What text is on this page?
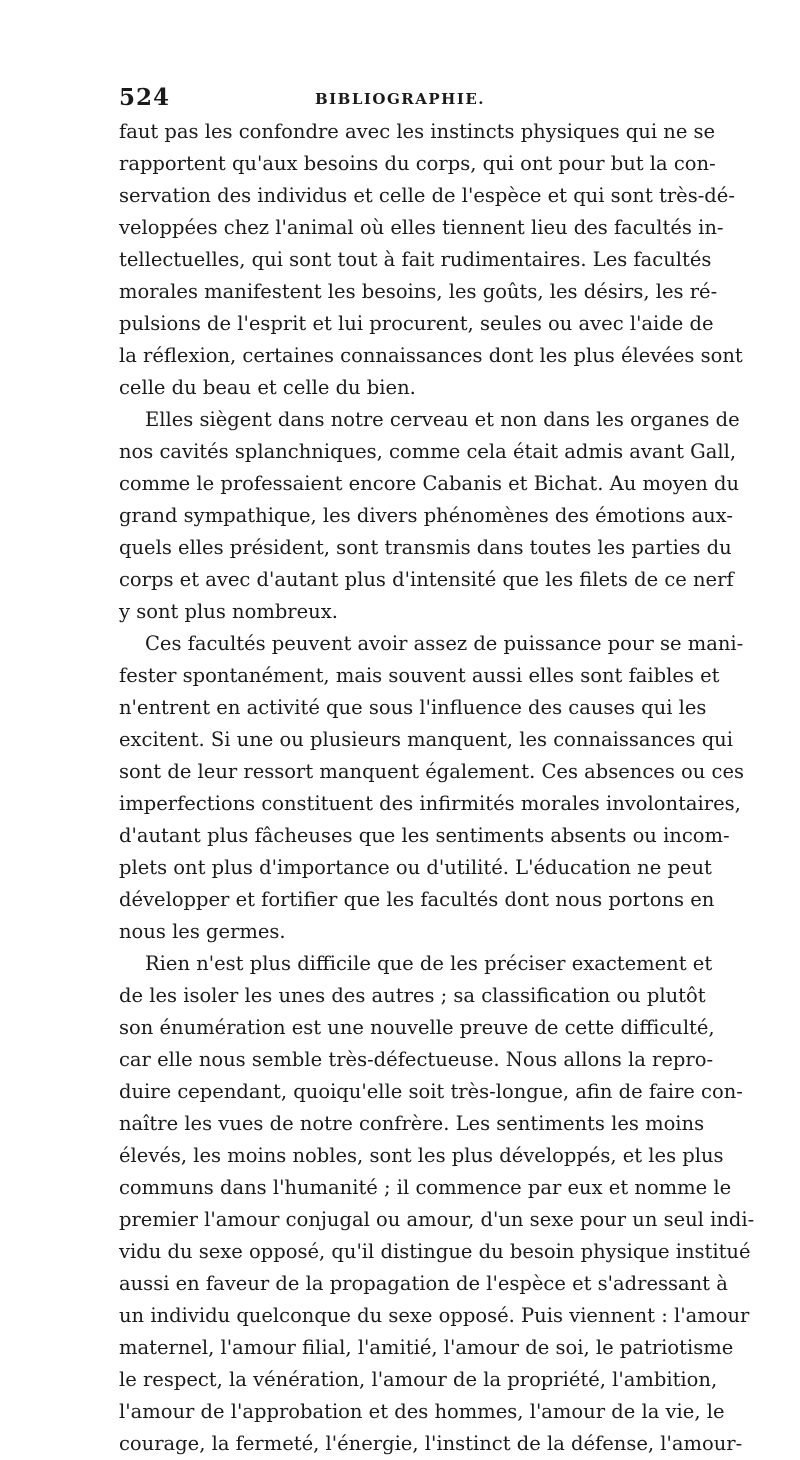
524	BIBLIOGRAPHIE.
faut pas les confondre avec les instincts physiques qui ne se
rapportent qu'aux besoins du corps, qui ont pour but la con-
servation des individus et celle de l'espèce et qui sont très-dé-
veloppées chez l'animal où elles tiennent lieu des facultés in-
tellectuelles, qui sont tout à fait rudimentaires. Les facultés
morales manifestent les besoins, les goûts, les désirs, les ré-
pulsions de l'esprit et lui procurent, seules ou avec l'aide de
la réflexion, certaines connaissances dont les plus élevées sont
celle du beau et celle du bien.
Elles siègent dans notre cerveau et non dans les organes de
nos cavités splanchniques, comme cela était admis avant Gall,
comme le professaient encore Cabanis et Bichat. Au moyen du
grand sympathique, les divers phénomènes des émotions aux-
quels elles président, sont transmis dans toutes les parties du
corps et avec d'autant plus d'intensité que les filets de ce nerf
y sont plus nombreux.
Ces facultés peuvent avoir assez de puissance pour se mani-
fester spontanément, mais souvent aussi elles sont faibles et
n'entrent en activité que sous l'influence des causes qui les
excitent. Si une ou plusieurs manquent, les connaissances qui
sont de leur ressort manquent également. Ces absences ou ces
imperfections constituent des infirmités morales involontaires,
d'autant plus fâcheuses que les sentiments absents ou incom-
plets ont plus d'importance ou d'utilité. L'éducation ne peut
développer et fortifier que les facultés dont nous portons en
nous les germes.
Rien n'est plus difficile que de les préciser exactement et
de les isoler les unes des autres ; sa classification ou plutôt
son énumération est une nouvelle preuve de cette difficulté,
car elle nous semble très-défectueuse. Nous allons la repro-
duire cependant, quoiqu'elle soit très-longue, afin de faire con-
naître les vues de notre confrère. Les sentiments les moins
élevés, les moins nobles, sont les plus développés, et les plus
communs dans l'humanité ; il commence par eux et nomme le
premier l'amour conjugal ou amour, d'un sexe pour un seul indi-
vidu du sexe opposé, qu'il distingue du besoin physique institué
aussi en faveur de la propagation de l'espèce et s'adressant à
un individu quelconque du sexe opposé. Puis viennent : l'amour
maternel, l'amour filial, l'amitié, l'amour de soi, le patriotisme
le respect, la vénération, l'amour de la propriété, l'ambition,
l'amour de l'approbation et des hommes, l'amour de la vie, le
courage, la fermeté, l'énergie, l'instinct de la défense, l'amour-
